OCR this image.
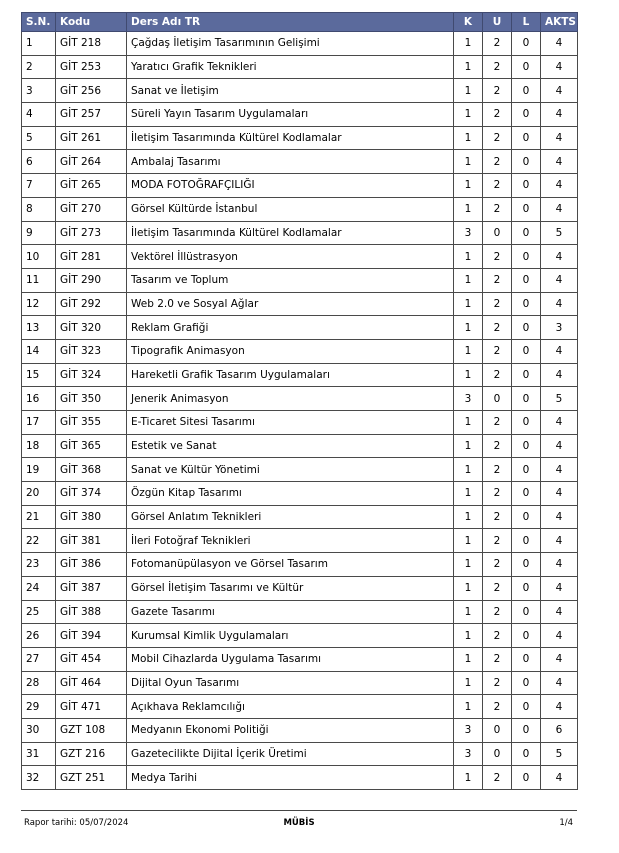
S.N.	Kodu	Ders Adı TR	K	U	L	AKTS
1	GİT 218	Çağdaş İletişim Tasarımının Gelişimi	1	2	0	4
2	GİT 253	Yaratıcı Grafik Teknikleri	1	2	0	4
3	GİT 256	Sanat ve İletişim	1	2	0	4
4	GİT 257	Süreli Yayın Tasarım Uygulamaları	1	2	0	4
5	GİT 261	İletişim Tasarımında Kültürel Kodlamalar	1	2	0	4
6	GİT 264	Ambalaj Tasarımı	1	2	0	4
7	GİT 265	MODA FOTOĞRAFÇILIĞI	1	2	0	4
8	GİT 270	Görsel Kültürde İstanbul	1	2	0	4
9	GİT 273	İletişim Tasarımında Kültürel Kodlamalar	3	0	0	5
10	GİT 281	Vektörel İllüstrasyon	1	2	0	4
11	GİT 290	Tasarım ve Toplum	1	2	0	4
12	GİT 292	Web 2.0 ve Sosyal Ağlar	1	2	0	4
13	GİT 320	Reklam Grafiği	1	2	0	3
14	GİT 323	Tipografik Animasyon	1	2	0	4
15	GİT 324	Hareketli Grafik Tasarım Uygulamaları	1	2	0	4
16	GİT 350	Jenerik Animasyon	3	0	0	5
17	GİT 355	E-Ticaret Sitesi Tasarımı	1	2	0	4
18	GİT 365	Estetik ve Sanat	1	2	0	4
19	GİT 368	Sanat ve Kültür Yönetimi	1	2	0	4
20	GİT 374	Özgün Kitap Tasarımı	1	2	0	4
21	GİT 380	Görsel Anlatım Teknikleri	1	2	0	4
22	GİT 381	İleri Fotoğraf Teknikleri	1	2	0	4
23	GİT 386	Fotomanüpülasyon ve Görsel Tasarım	1	2	0	4
24	GİT 387	Görsel İletişim Tasarımı ve Kültür	1	2	0	4
25	GİT 388	Gazete Tasarımı	1	2	0	4
26	GİT 394	Kurumsal Kimlik Uygulamaları	1	2	0	4
27	GİT 454	Mobil Cihazlarda Uygulama Tasarımı	1	2	0	4
28	GİT 464	Dijital Oyun Tasarımı	1	2	0	4
29	GİT 471	Açıkhava Reklamcılığı	1	2	0	4
30	GZT 108	Medyanın Ekonomi Politiği	3	0	0	6
31	GZT 216	Gazetecilikte Dijital İçerik Üretimi	3	0	0	5
32	GZT 251	Medya Tarihi	1	2	0	4
Rapor tarihi: 05/07/2024	MÜBİS	1/4
